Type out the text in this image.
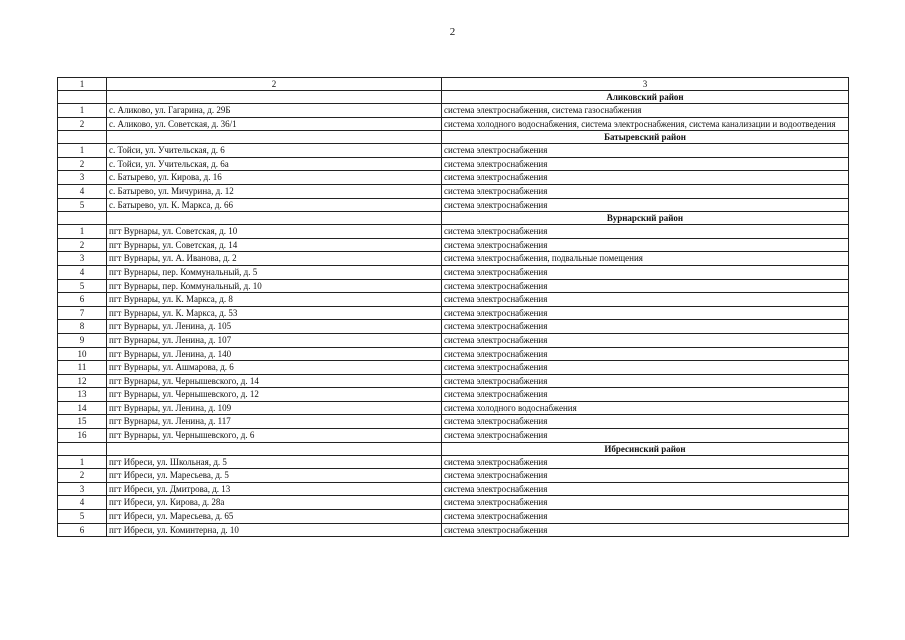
2
1	2	3
		Аликовский район
1	с. Аликово, ул. Гагарина, д. 29Б	система электроснабжения, система газоснабжения
2	с. Аликово, ул. Советская, д. 36/1	система холодного водоснабжения, система электроснабжения, система канализации и водоотведения
		Батыревский район
1	с. Тойси, ул. Учительская, д. 6	система электроснабжения
2	с. Тойси, ул. Учительская, д. 6а	система электроснабжения
3	с. Батырево, ул. Кирова, д. 16	система электроснабжения
4	с. Батырево, ул. Мичурина, д. 12	система электроснабжения
5	с. Батырево, ул. К. Маркса, д. 66	система электроснабжения
		Вурнарский район
1	пгт Вурнары, ул. Советская, д. 10	система электроснабжения
2	пгт Вурнары, ул. Советская, д. 14	система электроснабжения
3	пгт Вурнары, ул. А. Иванова, д. 2	система электроснабжения, подвальные помещения
4	пгт Вурнары, пер. Коммунальный, д. 5	система электроснабжения
5	пгт Вурнары, пер. Коммунальный, д. 10	система электроснабжения
6	пгт Вурнары, ул. К. Маркса, д. 8	система электроснабжения
7	пгт Вурнары, ул. К. Маркса, д. 53	система электроснабжения
8	пгт Вурнары, ул. Ленина, д. 105	система электроснабжения
9	пгт Вурнары, ул. Ленина, д. 107	система электроснабжения
10	пгт Вурнары, ул. Ленина, д. 140	система электроснабжения
11	пгт Вурнары, ул. Ашмарова, д. 6	система электроснабжения
12	пгт Вурнары, ул. Чернышевского, д. 14	система электроснабжения
13	пгт Вурнары, ул. Чернышевского, д. 12	система электроснабжения
14	пгт Вурнары, ул. Ленина, д. 109	система холодного водоснабжения
15	пгт Вурнары, ул. Ленина, д. 117	система электроснабжения
16	пгт Вурнары, ул. Чернышевского, д. 6	система электроснабжения
		Ибресинский район
1	пгт Ибреси, ул. Школьная, д. 5	система электроснабжения
2	пгт Ибреси, ул. Маресьева, д. 5	система электроснабжения
3	пгт Ибреси, ул. Дмитрова, д. 13	система электроснабжения
4	пгт Ибреси, ул. Кирова, д. 28а	система электроснабжения
5	пгт Ибреси, ул. Маресьева, д. 65	система электроснабжения
6	пгт Ибреси, ул. Коминтерна, д. 10	система электроснабжения
